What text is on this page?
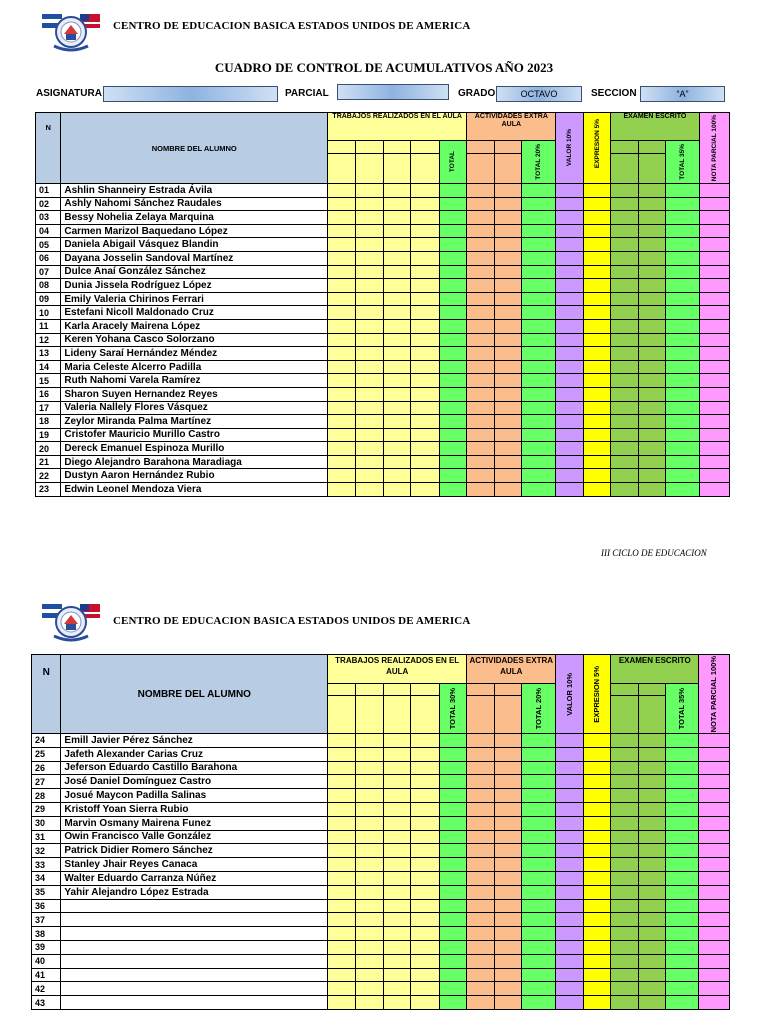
CENTRO DE EDUCACION BASICA ESTADOS UNIDOS DE AMERICA
CUADRO DE CONTROL DE ACUMULATIVOS AÑO 2023
ASIGNATURA	PARCIAL	GRADO	OCTAVO	SECCION	“A”
N	NOMBRE DEL ALUMNO	TRABAJOS REALIZADOS EN EL AULA					ACTIVIDADES EXTRA AULA			VALOR 10%	EXPRESION 5%	EXAMEN ESCRITO			NOTA PARCIAL 100%

						TOTAL			TOTAL 20%					TOTAL 35%	

01	Ashlin Shanneiry Estrada Ávila														
02	Ashly Nahomi Sánchez Raudales														
03	Bessy Nohelia Zelaya Marquina														
04	Carmen Marizol Baquedano López														
05	Daniela Abigail Vásquez Blandin														
06	Dayana Josselin Sandoval Martínez														
07	Dulce Anaí González Sánchez														
08	Dunia Jissela Rodríguez López														
09	Emily Valeria Chirinos Ferrari														
10	Estefani Nicoll Maldonado Cruz														
11	Karla Aracely Mairena López														
12	Keren Yohana Casco Solorzano														
13	Lideny Saraí Hernández Méndez														
14	Maria Celeste Alcerro Padilla														
15	Ruth Nahomi Varela Ramírez														
16	Sharon Suyen Hernandez Reyes														
17	Valeria Nallely Flores Vásquez														
18	Zeylor Miranda Palma Martínez														
19	Cristofer Mauricio Murillo Castro														
20	Dereck Emanuel Espinoza Murillo														
21	Diego Alejandro Barahona Maradiaga														
22	Dustyn Aaron Hernández Rubio														
23	Edwin Leonel Mendoza Viera														
III CICLO DE EDUCACION
CENTRO DE EDUCACION BASICA ESTADOS UNIDOS DE AMERICA
N	NOMBRE DEL ALUMNO	TRABAJOS REALIZADOS EN EL AULA					ACTIVIDADES EXTRA AULA			VALOR 10%	EXPRESION 5%	EXAMEN ESCRITO			NOTA PARCIAL 100%

						TOTAL 30%			TOTAL 20%					TOTAL 35%	

24	Emill Javier Pérez Sánchez														
25	Jafeth Alexander Carias Cruz														
26	Jeferson Eduardo Castillo Barahona														
27	José Daniel Domínguez Castro														
28	Josué Maycon Padilla Salinas														
29	Kristoff Yoan Sierra Rubio														
30	Marvin Osmany Mairena Funez														
31	Owin Francisco Valle González														
32	Patrick Didier Romero Sánchez														
33	Stanley Jhair Reyes Canaca														
34	Walter Eduardo Carranza Núñez														
35	Yahir Alejandro López Estrada														
36															
37															
38															
39															
40															
41															
42															
43															
